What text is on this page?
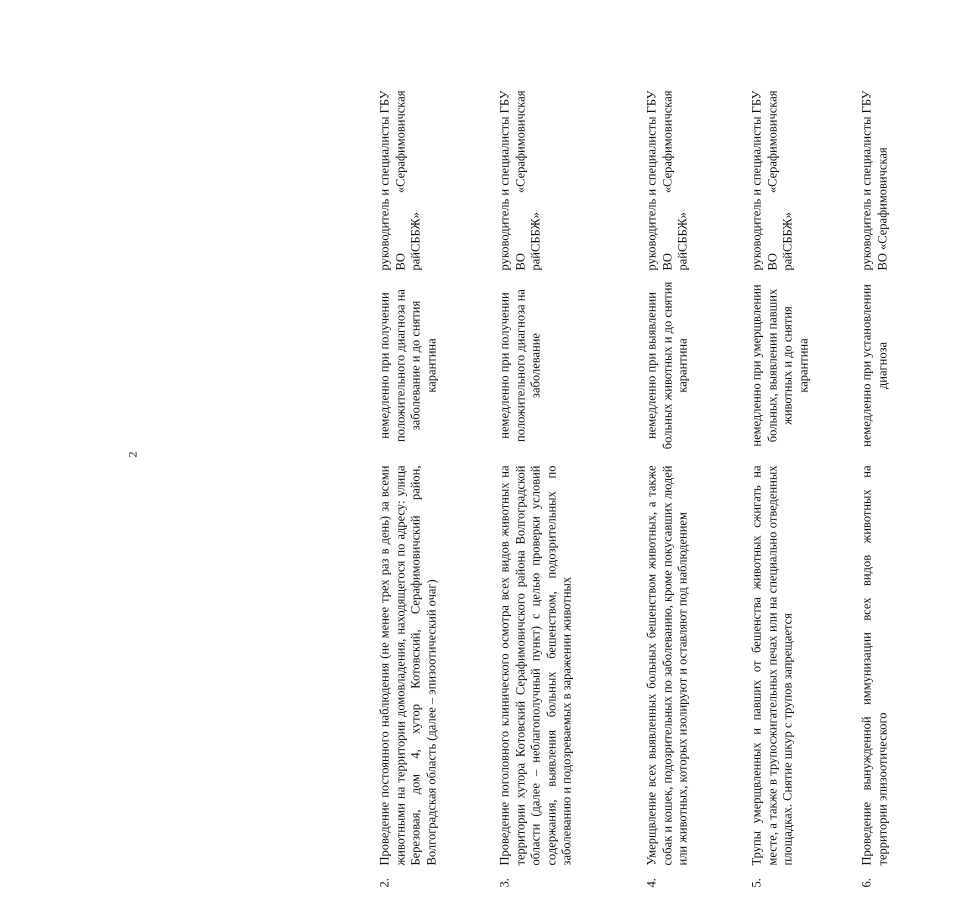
2
2.
Проведение постоянного наблюдения (не менее трех раз в день) за всеми животными на территории домовладения, находящегося по адресу: улица Березовая, дом 4, хутор Котовский, Серафимовичский район, Волгоградская область (далее – эпизоотический очаг)
немедленно при получении положительного диагноза на заболевание и до снятия карантина
руководитель и специалисты ГБУ ВО «Серафимовичская райСББЖ»
3.
Проведение поголовного клинического осмотра всех видов животных на территории хутора Котовский Серафимовичского района Волгоградской области (далее – неблагополучный пункт) с целью проверки условий содержания, выявления больных бешенством, подозрительных по заболеванию и подозреваемых в заражении животных
немедленно при получении положительного диагноза на заболевание
руководитель и специалисты ГБУ ВО «Серафимовичская райСББЖ»
4.
Умерщвление всех выявленных больных бешенством животных, а также собак и кошек, подозрительных по заболеванию, кроме покусавших людей или животных, которых изолируют и оставляют под наблюдением
немедленно при выявлении больных животных и до снятия карантина
руководитель и специалисты ГБУ ВО «Серафимовичская райСББЖ»
5.
Трупы умерщвленных и павших от бешенства животных сжигать на месте, а также в трупосжигательных печах или на специально отведенных площадках. Снятие шкур с трупов запрещается
немедленно при умерщвлении больных, выявлении павших животных и до снятия карантина
руководитель и специалисты ГБУ ВО «Серафимовичская райСББЖ»
6.
Проведение вынужденной иммунизации всех видов животных на территории эпизоотического
немедленно при установлении диагноза
руководитель и специалисты ГБУ ВО «Серафимовичская
